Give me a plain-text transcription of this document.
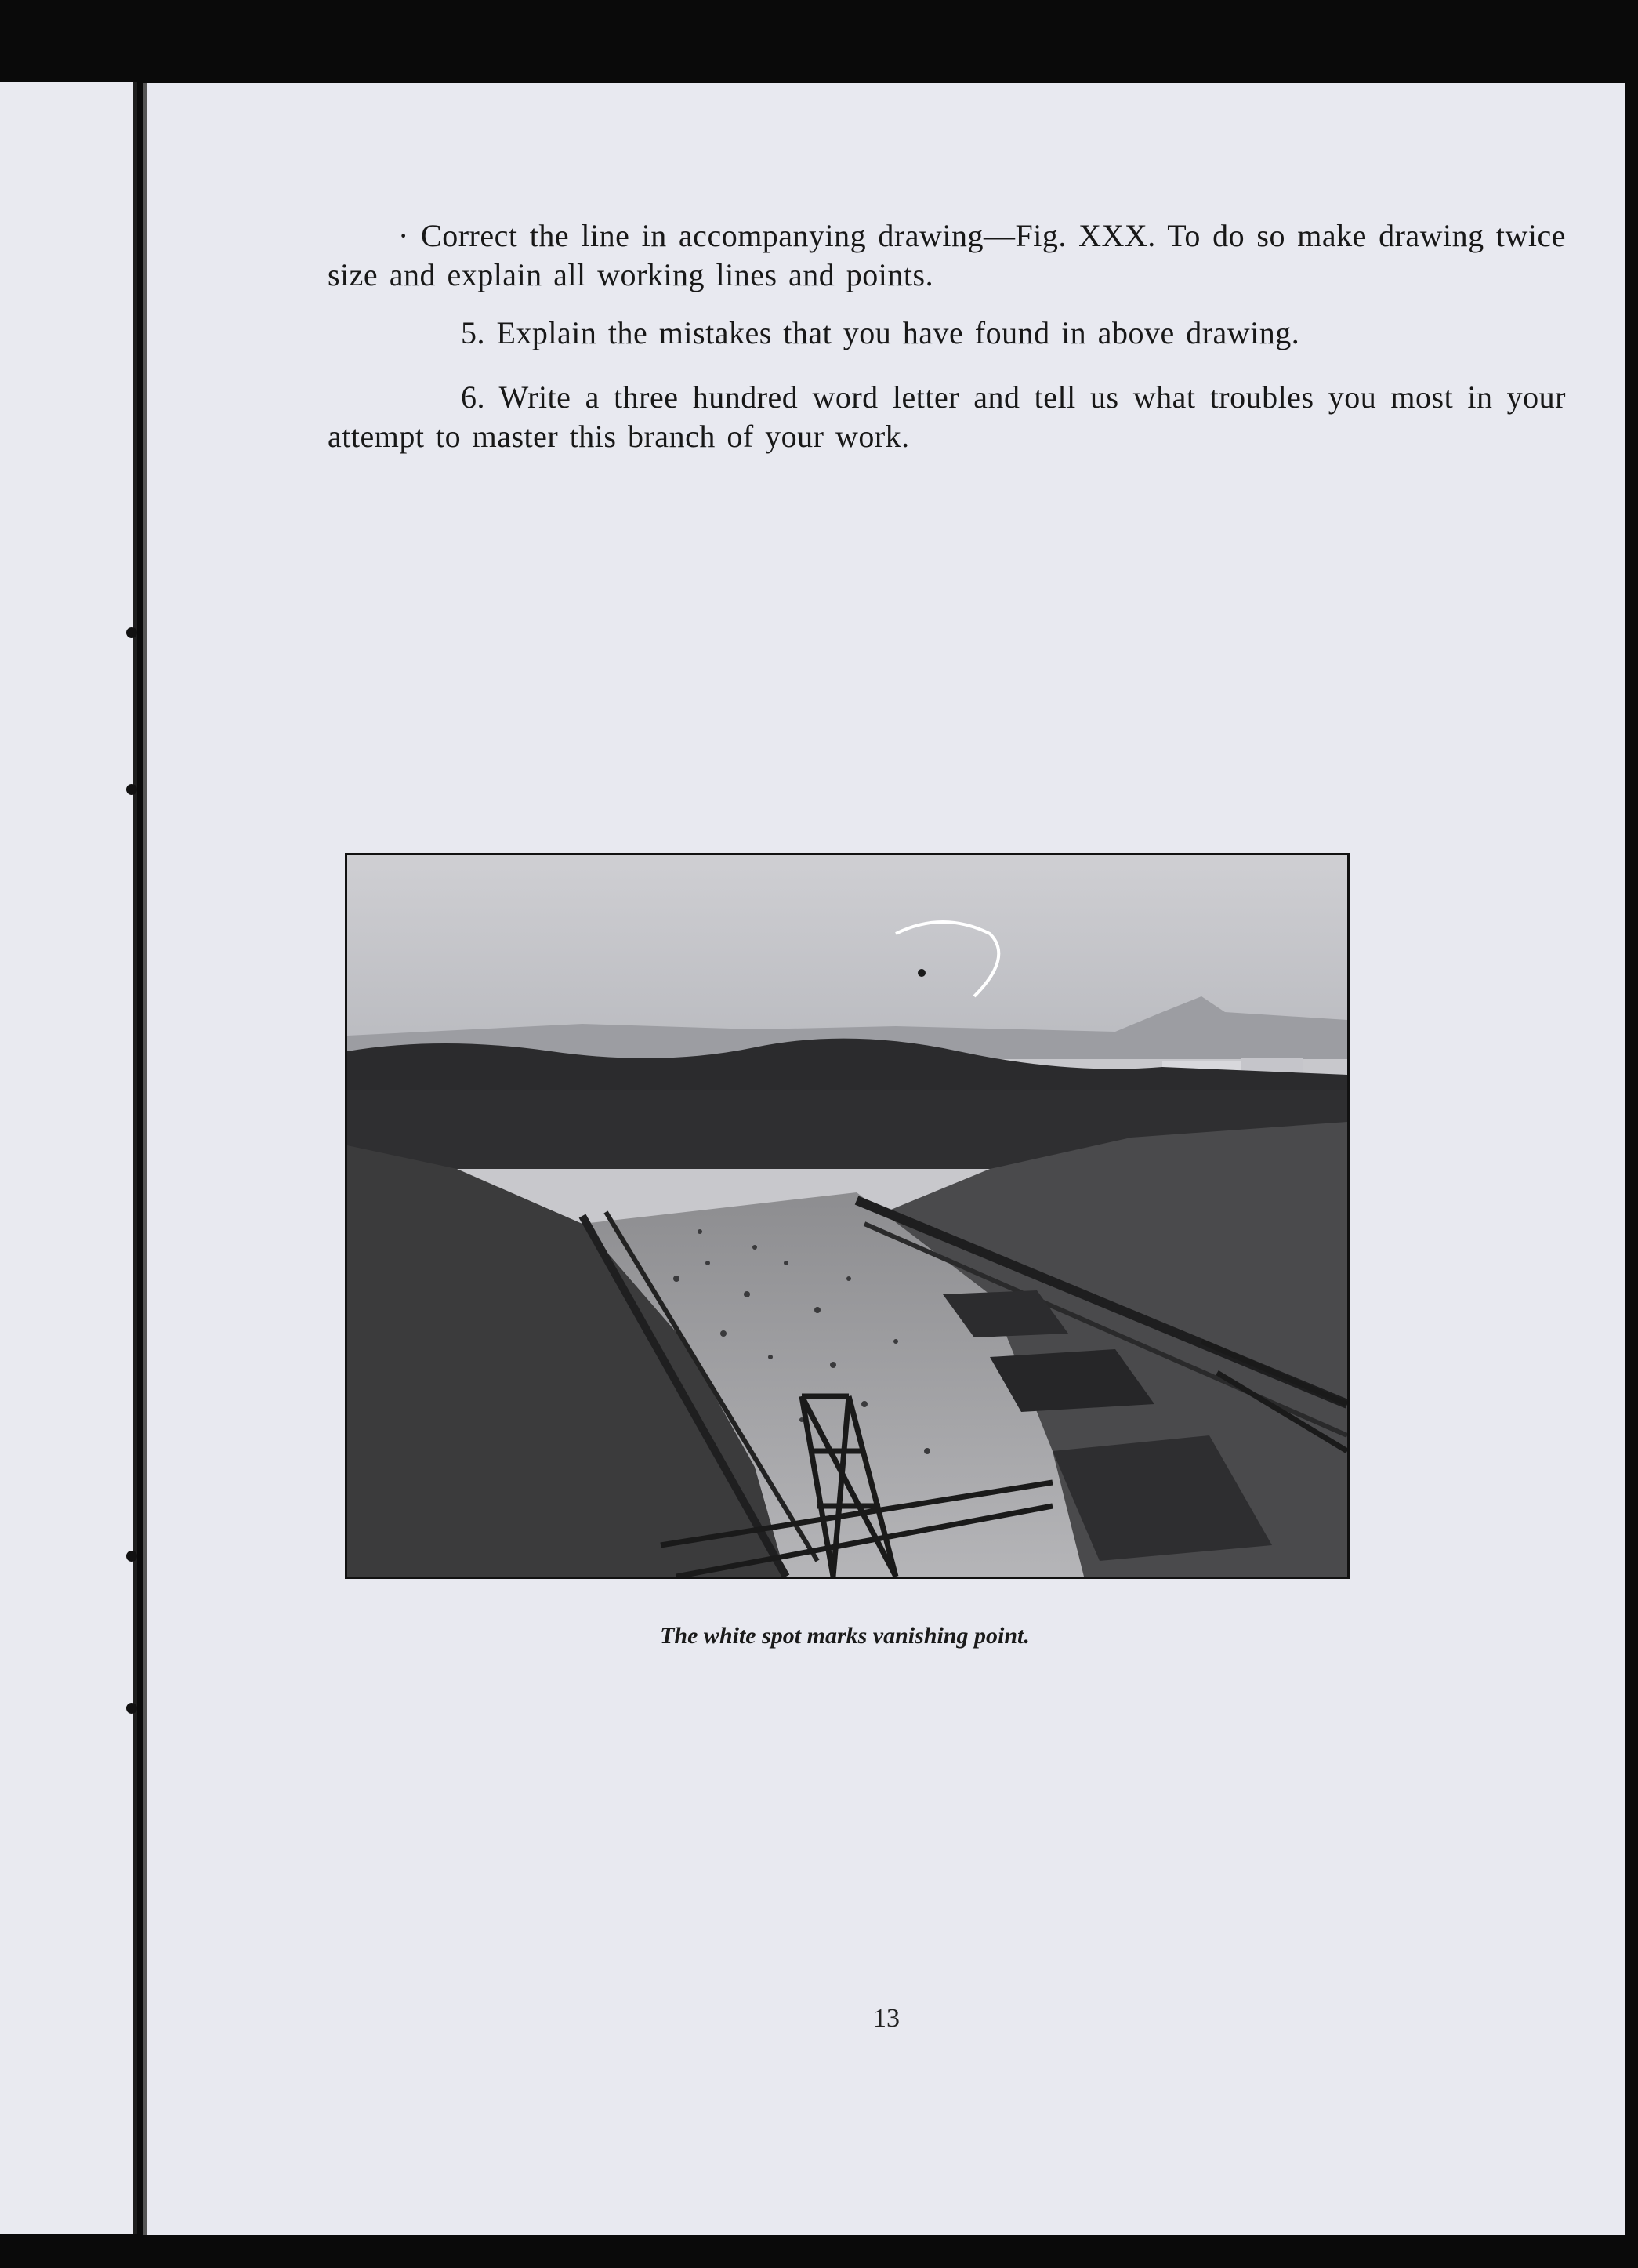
· Correct the line in accompanying drawing—Fig. XXX. To do so make drawing twice size and explain all working lines and points.
5. Explain the mistakes that you have found in above drawing.
6. Write a three hundred word letter and tell us what troubles you most in your attempt to master this branch of your work.
The white spot marks vanishing point.
13
